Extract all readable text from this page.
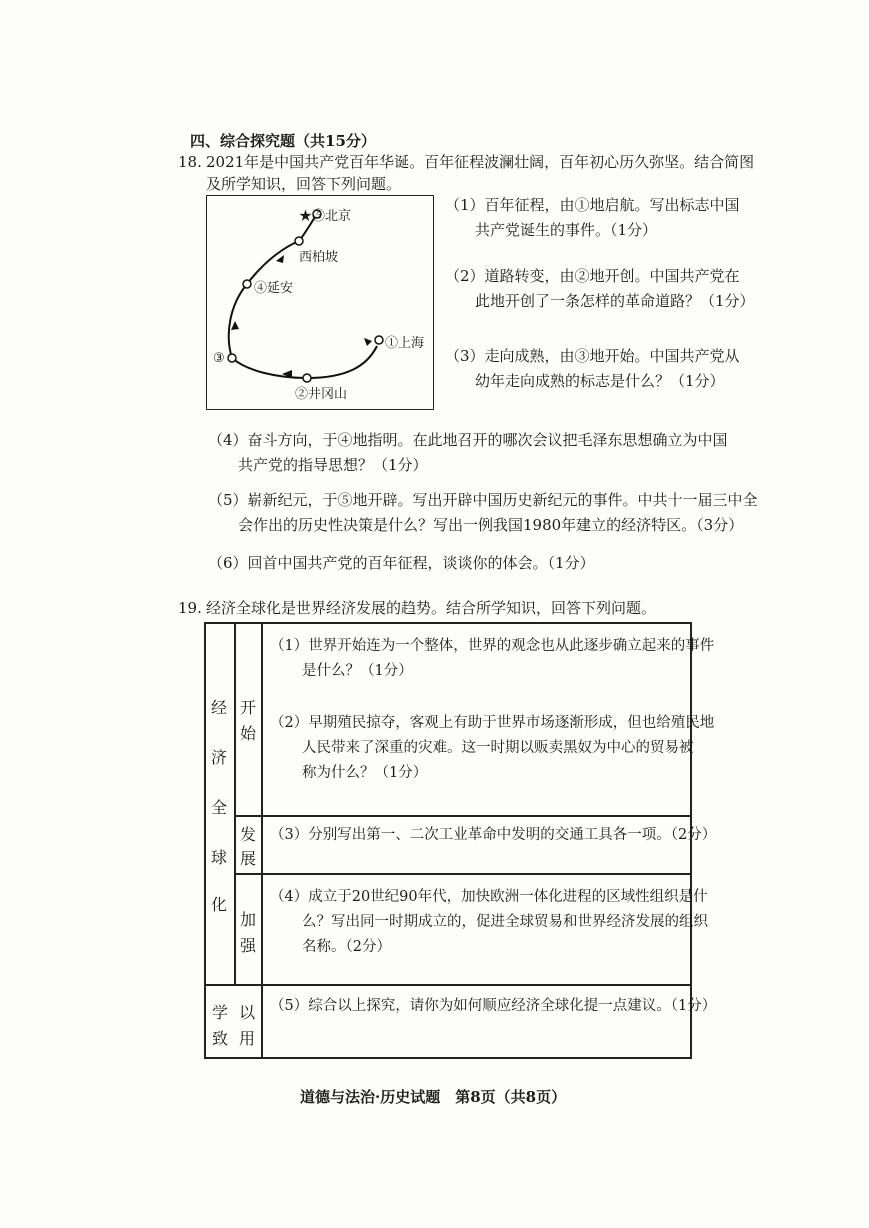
四、综合探究题（共15分）
18. 2021年是中国共产党百年华诞。百年征程波澜壮阔，百年初心历久弥坚。结合简图
及所学知识，回答下列问题。
★⑤北京
西柏坡
④延安
①上海
③
②井冈山
（1）百年征程，由①地启航。写出标志中国
共产党诞生的事件。（1分）
（2）道路转变，由②地开创。中国共产党在
此地开创了一条怎样的革命道路？（1分）
（3）走向成熟，由③地开始。中国共产党从
幼年走向成熟的标志是什么？（1分）
（4）奋斗方向，于④地指明。在此地召开的哪次会议把毛泽东思想确立为中国
共产党的指导思想？（1分）
（5）崭新纪元，于⑤地开辟。写出开辟中国历史新纪元的事件。中共十一届三中全
会作出的历史性决策是什么？写出一例我国1980年建立的经济特区。（3分）
（6）回首中国共产党的百年征程，谈谈你的体会。（1分）
19. 经济全球化是世界经济发展的趋势。结合所学知识，回答下列问题。
经
济
全
球
化
开
始
发
展
加
强
学 以
致 用
（1）世界开始连为一个整体，世界的观念也从此逐步确立起来的事件
是什么？（1分）
（2）早期殖民掠夺，客观上有助于世界市场逐渐形成，但也给殖民地
人民带来了深重的灾难。这一时期以贩卖黑奴为中心的贸易被
称为什么？（1分）
（3）分别写出第一、二次工业革命中发明的交通工具各一项。（2分）
（4）成立于20世纪90年代，加快欧洲一体化进程的区域性组织是什
么？写出同一时期成立的，促进全球贸易和世界经济发展的组织
名称。（2分）
（5）综合以上探究，请你为如何顺应经济全球化提一点建议。（1分）
道德与法治·历史试题　第8页（共8页）
